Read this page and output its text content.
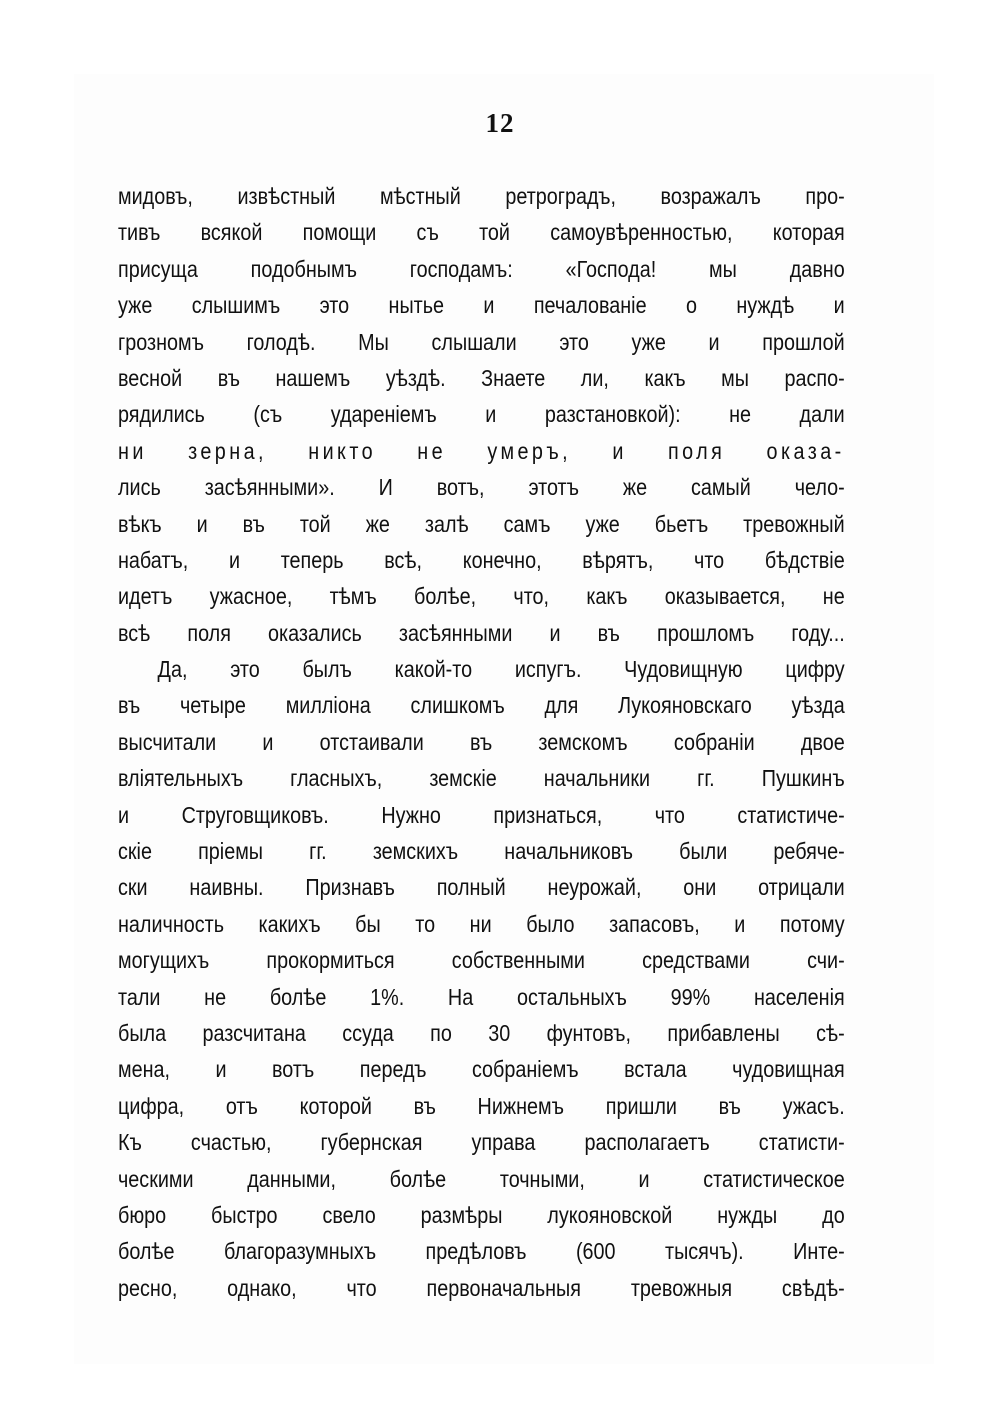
12
мидовъ, извѣстный мѣстный ретроградъ, возражалъ про-
тивъ всякой помощи съ той самоувѣренностью, которая
присуща подобнымъ господамъ: «Господа! мы давно
уже слышимъ это нытье и печалованіе о нуждѣ и
грозномъ голодѣ. Мы слышали это уже и прошлой
весной въ нашемъ уѣздѣ. Знаете ли, какъ мы распо-
рядились (съ удареніемъ и разстановкой): не дали
ни зерна, никто не умеръ, и поля оказа-
лись засѣянными». И вотъ, этотъ же самый чело-
вѣкъ и въ той же залѣ самъ уже бьетъ тревожный
набатъ, и теперь всѣ, конечно, вѣрятъ, что бѣдствіе
идетъ ужасное, тѣмъ болѣе, что, какъ оказывается, не
всѣ поля оказались засѣянными и въ прошломъ году...
Да, это былъ какой-то испугъ. Чудовищную цифру
въ четыре милліона слишкомъ для Лукояновскаго уѣзда
высчитали и отстаивали въ земскомъ собраніи двое
вліятельныхъ гласныхъ, земскіе начальники гг. Пушкинъ
и Струговщиковъ. Нужно признаться, что статистиче-
скіе пріемы гг. земскихъ начальниковъ были ребяче-
ски наивны. Признавъ полный неурожай, они отрицали
наличность какихъ бы то ни было запасовъ, и потому
могущихъ прокормиться собственными средствами счи-
тали не болѣе 1%. На остальныхъ 99% населенія
была разсчитана ссуда по 30 фунтовъ, прибавлены сѣ-
мена, и вотъ передъ собраніемъ встала чудовищная
цифра, отъ которой въ Нижнемъ пришли въ ужасъ.
Къ счастью, губернская управа располагаетъ статисти-
ческими данными, болѣе точными, и статистическое
бюро быстро свело размѣры лукояновской нужды до
болѣе благоразумныхъ предѣловъ (600 тысячъ). Инте-
ресно, однако, что первоначальныя тревожныя свѣдѣ-
